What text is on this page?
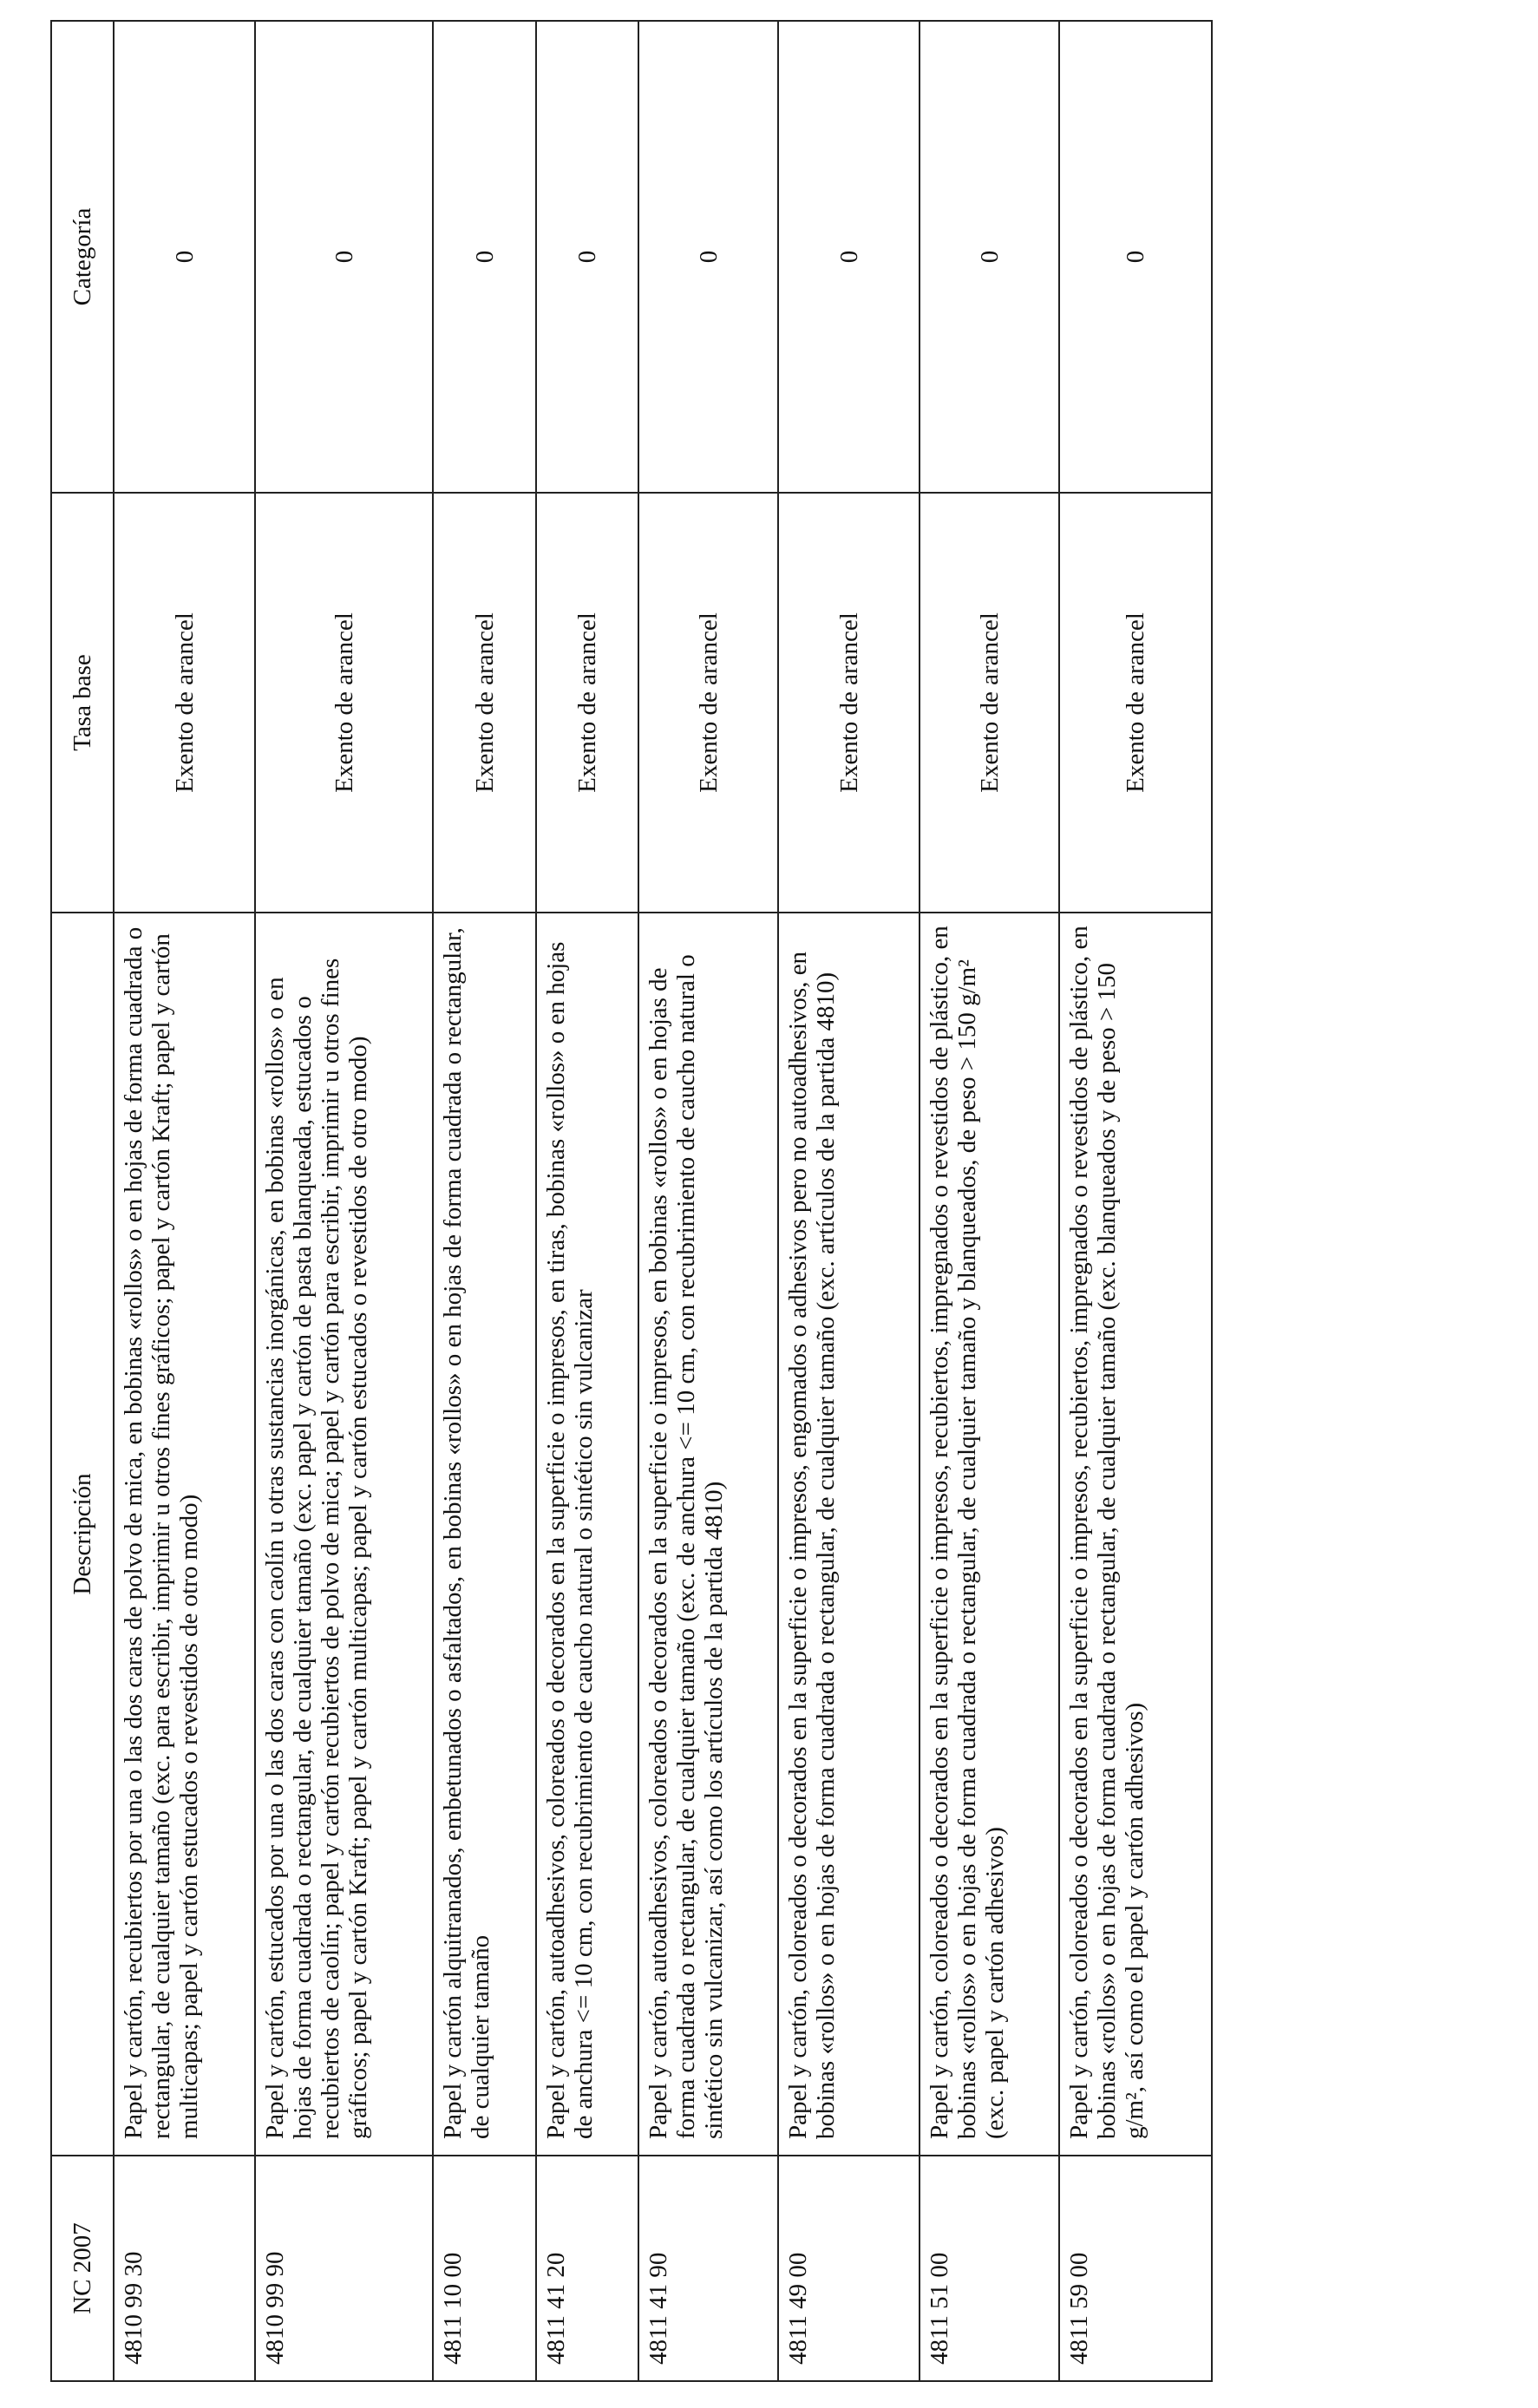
NC 2007	Descripción	Tasa base	Categoría
4810 99 30	Papel y cartón, recubiertos por una o las dos caras de polvo de mica, en bobinas «rollos» o en hojas de forma cuadrada o rectangular, de cualquier tamaño (exc. para escribir, imprimir u otros fines gráficos; papel y cartón Kraft; papel y cartón multicapas; papel y cartón estucados o revestidos de otro modo)	Exento de arancel	0
4810 99 90	Papel y cartón, estucados por una o las dos caras con caolín u otras sustancias inorgánicas, en bobinas «rollos» o en hojas de forma cuadrada o rectangular, de cualquier tamaño (exc. papel y cartón de pasta blanqueada, estucados o recubiertos de caolín; papel y cartón recubiertos de polvo de mica; papel y cartón para escribir, imprimir u otros fines gráficos; papel y cartón Kraft; papel y cartón multicapas; papel y cartón estucados o revestidos de otro modo)	Exento de arancel	0
4811 10 00	Papel y cartón alquitranados, embetunados o asfaltados, en bobinas «rollos» o en hojas de forma cuadrada o rectangular, de cualquier tamaño	Exento de arancel	0
4811 41 20	Papel y cartón, autoadhesivos, coloreados o decorados en la superficie o impresos, en tiras, bobinas «rollos» o en hojas de anchura <= 10 cm, con recubrimiento de caucho natural o sintético sin vulcanizar	Exento de arancel	0
4811 41 90	Papel y cartón, autoadhesivos, coloreados o decorados en la superficie o impresos, en bobinas «rollos» o en hojas de forma cuadrada o rectangular, de cualquier tamaño (exc. de anchura <= 10 cm, con recubrimiento de caucho natural o sintético sin vulcanizar, así como los artículos de la partida 4810)	Exento de arancel	0
4811 49 00	Papel y cartón, coloreados o decorados en la superficie o impresos, engomados o adhesivos pero no autoadhesivos, en bobinas «rollos» o en hojas de forma cuadrada o rectangular, de cualquier tamaño (exc. artículos de la partida 4810)	Exento de arancel	0
4811 51 00	Papel y cartón, coloreados o decorados en la superficie o impresos, recubiertos, impregnados o revestidos de plástico, en bobinas «rollos» o en hojas de forma cuadrada o rectangular, de cualquier tamaño y blanqueados, de peso > 150 g/m² (exc. papel y cartón adhesivos)	Exento de arancel	0
4811 59 00	Papel y cartón, coloreados o decorados en la superficie o impresos, recubiertos, impregnados o revestidos de plástico, en bobinas «rollos» o en hojas de forma cuadrada o rectangular, de cualquier tamaño (exc. blanqueados y de peso > 150 g/m², así como el papel y cartón adhesivos)	Exento de arancel	0
